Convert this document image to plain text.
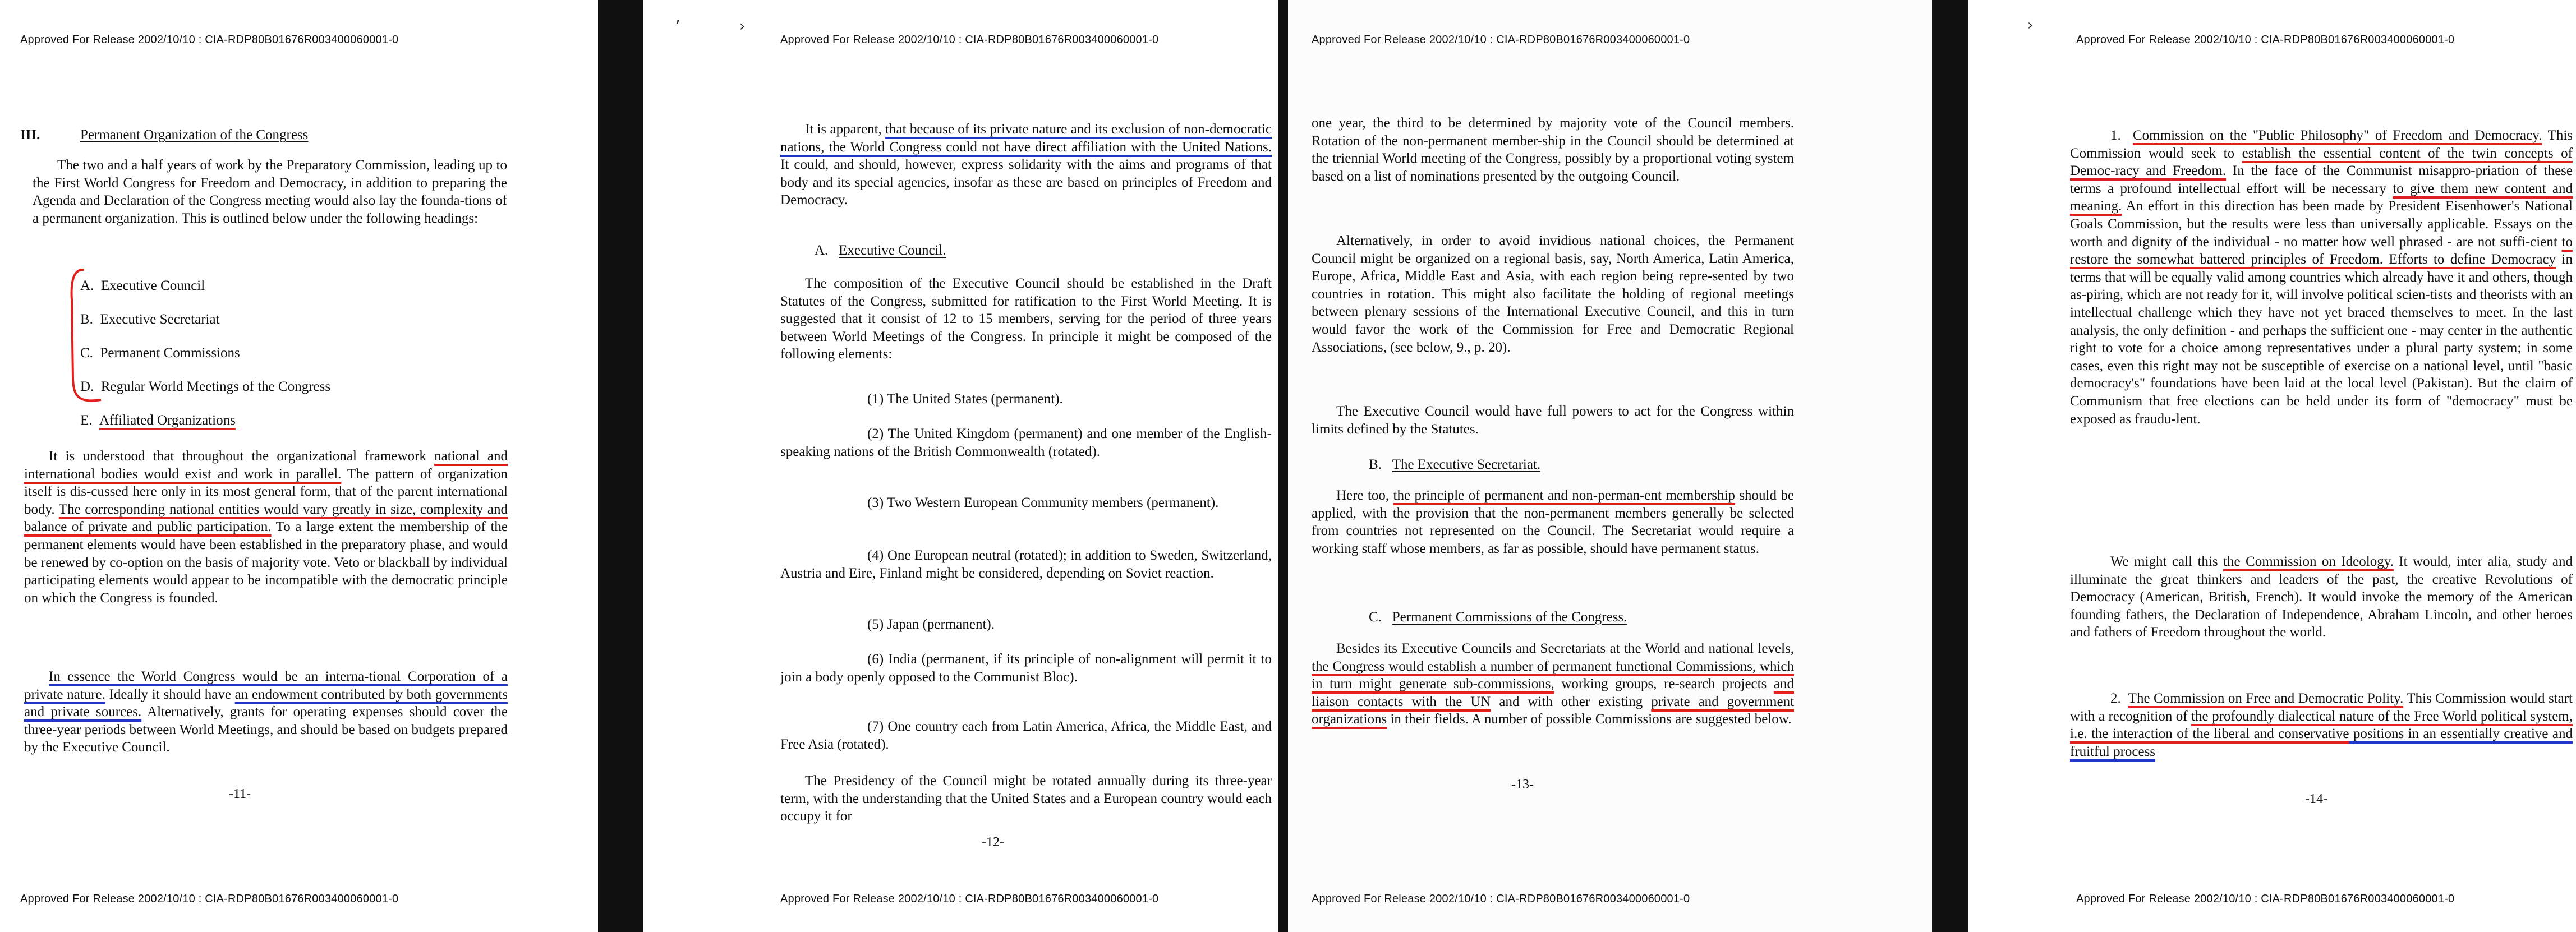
Approved For Release 2002/10/10 : CIA-RDP80B01676R003400060001-0
III.	Permanent Organization of the Congress

The two and a half years of work by the Preparatory Commission, leading up to the First World Congress for Freedom and Democracy, in addition to preparing the Agenda and Declaration of the Congress meeting would also lay the founda-tions of a permanent organization. This is outlined below under the following headings:

A. Executive Council
B. Executive Secretariat
C. Permanent Commissions
D. Regular World Meetings of the Congress
E. Affiliated Organizations

It is understood that throughout the organizational framework national and international bodies would exist and work in parallel. The pattern of organization itself is dis-cussed here only in its most general form, that of the parent international body. The corresponding national entities would vary greatly in size, complexity and balance of private and public participation. To a large extent the membership of the permanent elements would have been established in the preparatory phase, and would be renewed by co-option on the basis of majority vote. Veto or blackball by individual participating elements would appear to be incompatible with the democratic principle on which the Congress is founded.

In essence the World Congress would be an interna-tional Corporation of a private nature. Ideally it should have an endowment contributed by both governments and private sources. Alternatively, grants for operating expenses should cover the three-year periods between World Meetings, and should be based on budgets prepared by the Executive Council.

-11-
Approved For Release 2002/10/10 : CIA-RDP80B01676R003400060001-0
ʼ	›
Approved For Release 2002/10/10 : CIA-RDP80B01676R003400060001-0

It is apparent, that because of its private nature and its exclusion of non-democratic nations, the World Congress could not have direct affiliation with the United Nations. It could, and should, however, express solidarity with the aims and programs of that body and its special agencies, insofar as these are based on principles of Freedom and Democracy.

A. Executive Council.

The composition of the Executive Council should be established in the Draft Statutes of the Congress, submitted for ratification to the First World Meeting. It is suggested that it consist of 12 to 15 members, serving for the period of three years between World Meetings of the Congress. In principle it might be composed of the following elements:

(1) The United States (permanent).

(2) The United Kingdom (permanent) and one member of the English-speaking nations of the British Commonwealth (rotated).

(3) Two Western European Community members (permanent).

(4) One European neutral (rotated); in addition to Sweden, Switzerland, Austria and Eire, Finland might be considered, depending on Soviet reaction.

(5) Japan (permanent).

(6) India (permanent, if its principle of non-alignment will permit it to join a body openly opposed to the Communist Bloc).

(7) One country each from Latin America, Africa, the Middle East, and Free Asia (rotated).

The Presidency of the Council might be rotated annually during its three-year term, with the understanding that the United States and a European country would each occupy it for

-12-
Approved For Release 2002/10/10 : CIA-RDP80B01676R003400060001-0
Approved For Release 2002/10/10 : CIA-RDP80B01676R003400060001-0

one year, the third to be determined by majority vote of the Council members. Rotation of the non-permanent member-ship in the Council should be determined at the triennial World meeting of the Congress, possibly by a proportional voting system based on a list of nominations presented by the outgoing Council.

Alternatively, in order to avoid invidious national choices, the Permanent Council might be organized on a regional basis, say, North America, Latin America, Europe, Africa, Middle East and Asia, with each region being repre-sented by two countries in rotation. This might also facilitate the holding of regional meetings between plenary sessions of the International Executive Council, and this in turn would favor the work of the Commission for Free and Democratic Regional Associations, (see below, 9., p. 20).

The Executive Council would have full powers to act for the Congress within limits defined by the Statutes.

B. The Executive Secretariat.

Here too, the principle of permanent and non-perman-ent membership should be applied, with the provision that the non-permanent members generally be selected from countries not represented on the Council. The Secretariat would require a working staff whose members, as far as possible, should have permanent status.

C. Permanent Commissions of the Congress.

Besides its Executive Councils and Secretariats at the World and national levels, the Congress would establish a number of permanent functional Commissions, which in turn might generate sub-commissions, working groups, re-search projects and liaison contacts with the UN and with other existing private and government organizations in their fields. A number of possible Commissions are suggested below.

-13-
Approved For Release 2002/10/10 : CIA-RDP80B01676R003400060001-0
›
Approved For Release 2002/10/10 : CIA-RDP80B01676R003400060001-0

1. Commission on the "Public Philosophy" of Freedom and Democracy. This Commission would seek to establish the essential content of the twin concepts of Democ-racy and Freedom. In the face of the Communist misappro-priation of these terms a profound intellectual effort will be necessary to give them new content and meaning. An effort in this direction has been made by President Eisenhower's National Goals Commission, but the results were less than universally applicable. Essays on the worth and dignity of the individual - no matter how well phrased - are not suffi-cient to restore the somewhat battered principles of Freedom. Efforts to define Democracy in terms that will be equally valid among countries which already have it and others, though as-piring, which are not ready for it, will involve political scien-tists and theorists with an intellectual challenge which they have not yet braced themselves to meet. In the last analysis, the only definition - and perhaps the sufficient one - may center in the authentic right to vote for a choice among representatives under a plural party system; in some cases, even this right may not be susceptible of exercise on a national level, until "basic democracy's" foundations have been laid at the local level (Pakistan). But the claim of Communism that free elections can be held under its form of "democracy" must be exposed as fraudu-lent.

We might call this the Commission on Ideology. It would, inter alia, study and illuminate the great thinkers and leaders of the past, the creative Revolutions of Democracy (American, British, French). It would invoke the memory of the American founding fathers, the Declaration of Independence, Abraham Lincoln, and other heroes and fathers of Freedom throughout the world.

2. The Commission on Free and Democratic Polity. This Commission would start with a recognition of the profoundly dialectical nature of the Free World political system, i.e. the interaction of the liberal and conservative positions in an essentially creative and fruitful process

-14-
Approved For Release 2002/10/10 : CIA-RDP80B01676R003400060001-0
